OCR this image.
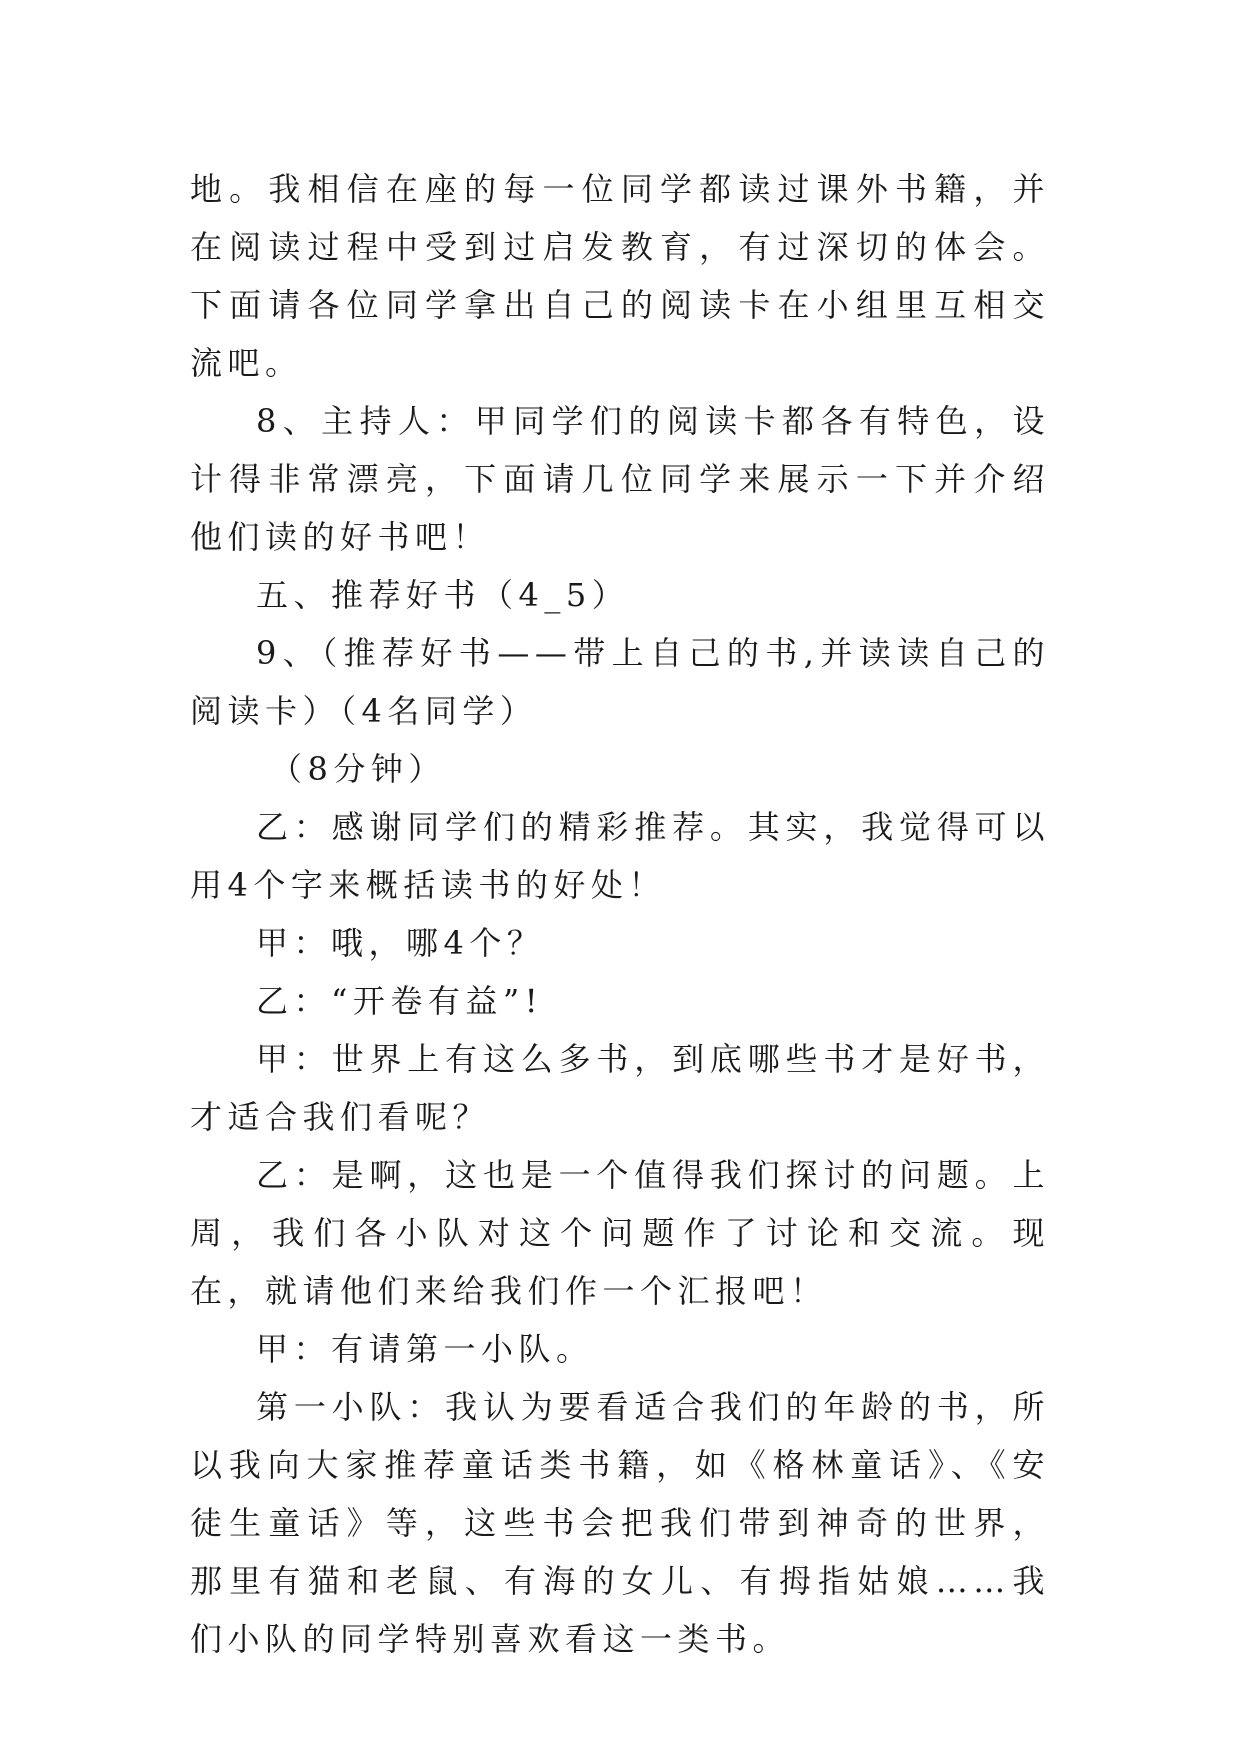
地。我相信在座的每一位同学都读过课外书籍，并在阅读过程中受到过启发教育，有过深切的体会。下面请各位同学拿出自己的阅读卡在小组里互相交流吧。

8、主持人：甲同学们的阅读卡都各有特色，设计得非常漂亮，下面请几位同学来展示一下并介绍他们读的好书吧！

五、推荐好书（4_5）

9、（推荐好书——带上自己的书,并读读自己的阅读卡）（4名同学）

（8分钟）

乙：感谢同学们的精彩推荐。其实，我觉得可以用4个字来概括读书的好处！

甲：哦，哪4个？

乙：“开卷有益”!

甲：世界上有这么多书，到底哪些书才是好书，才适合我们看呢？

乙：是啊，这也是一个值得我们探讨的问题。上周，我们各小队对这个问题作了讨论和交流。现在，就请他们来给我们作一个汇报吧！

甲：有请第一小队。

第一小队：我认为要看适合我们的年龄的书，所以我向大家推荐童话类书籍，如《格林童话》、《安徒生童话》等，这些书会把我们带到神奇的世界，那里有猫和老鼠、有海的女儿、有拇指姑娘……我们小队的同学特别喜欢看这一类书。
